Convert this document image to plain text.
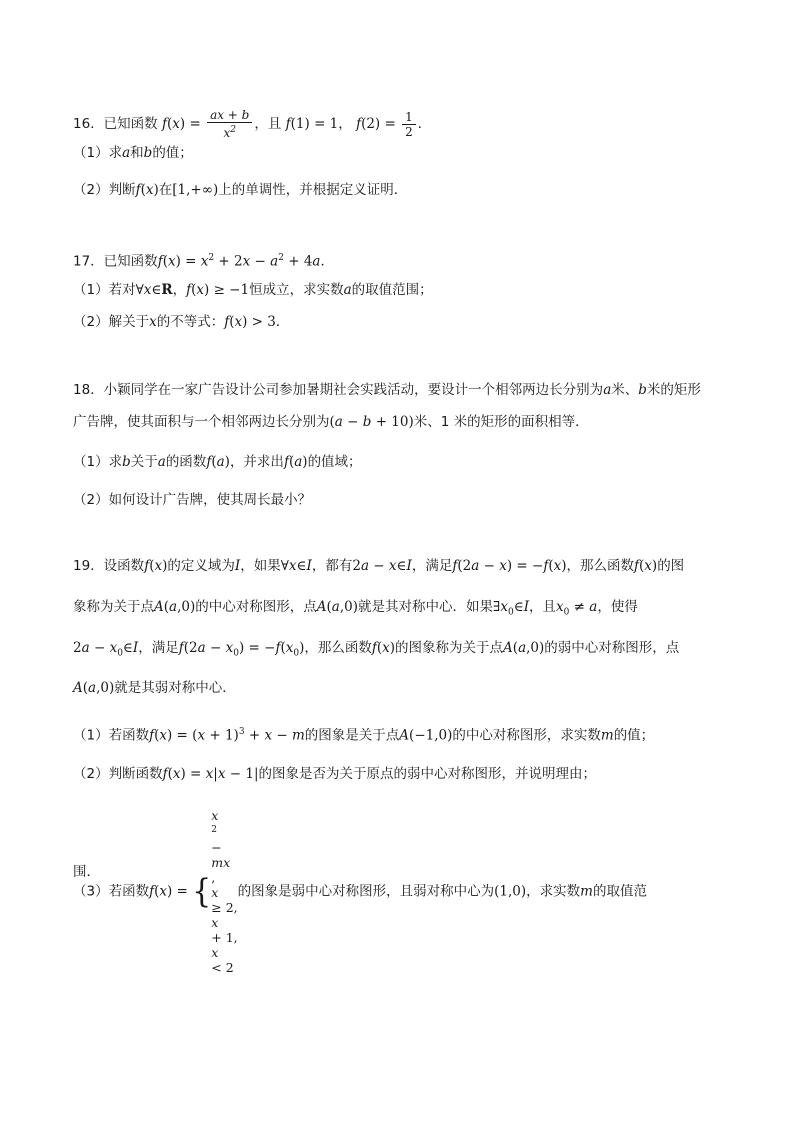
16．已知函数 $f(x) = \frac{ax + b}{x^2}$ ，且 f(1) = 1， $f(2) = \frac{1}{2}$ ．
（1）求a和b的值；
（2）判断f(x)在[1,+∞)上的单调性，并根据定义证明．
17．已知函数$f(x) = x^2 + 2x - a^2 + 4a$．
（1）若对∀x∈R，f(x) ≥ −1恒成立，求实数a的取值范围；
（2）解关于x的不等式：f(x) > 3．
18．小颖同学在一家广告设计公司参加暑期社会实践活动，要设计一个相邻两边长分别为a米、b米的矩形
广告牌，使其面积与一个相邻两边长分别为(a − b + 10)米、1 米的矩形的面积相等．
（1）求b关于a的函数f(a)，并求出f(a)的值域；
（2）如何设计广告牌，使其周长最小？
19．设函数f(x)的定义域为I，如果∀x∈I，都有2a − x∈I，满足f(2a − x) = −f(x)，那么函数f(x)的图
象称为关于点A(a,0)的中心对称图形，点A(a,0)就是其对称中心．如果$\exists x_0\in I$，且$x_0 \ne a$，使得
$2a - x_0\in I$，满足$f(2a - x_0) = -f(x_0)$，那么函数f(x)的图象称为关于点A(a,0)的弱中心对称图形，点
A(a,0)就是其弱对称中心．
（1）若函数$f(x) = (x + 1)^3 + x - m$的图象是关于点A(−1,0)的中心对称图形，求实数m的值；
（2）判断函数f(x) = x|x − 1|的图象是否为关于原点的弱中心对称图形，并说明理由；
（3）若函数f(x) = {
x
$^2$
−
mx
,
x
≥ 2,
x
+ 1,
x
< 2
的图象是弱中心对称图形，且弱对称中心为(1,0)，求实数m的取值范
围．
